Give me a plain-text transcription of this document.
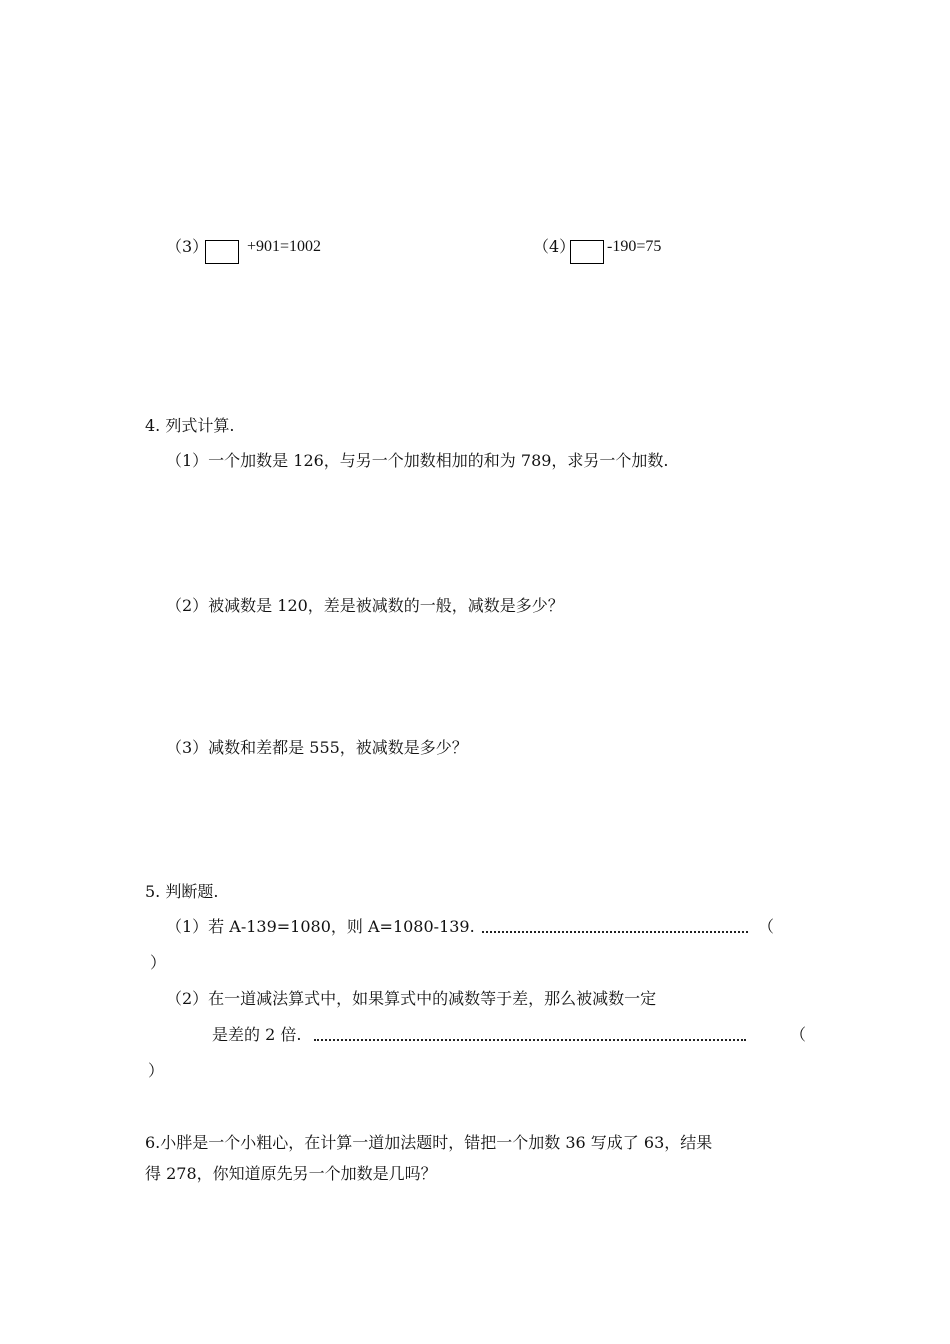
（3） +901=1002	（4） -190=75
4. 列式计算.
（1）一个加数是 126，与另一个加数相加的和为 789，求另一个加数.
（2）被减数是 120，差是被减数的一般，减数是多少？
（3）减数和差都是 555，被减数是多少？
5. 判断题.
（1）若 A-139=1080，则 A=1080-139.	（
）
（2）在一道减法算式中，如果算式中的减数等于差，那么被减数一定
是差的 2 倍.	（
）
6.小胖是一个小粗心，在计算一道加法题时，错把一个加数 36 写成了 63，结果
得 278，你知道原先另一个加数是几吗？
